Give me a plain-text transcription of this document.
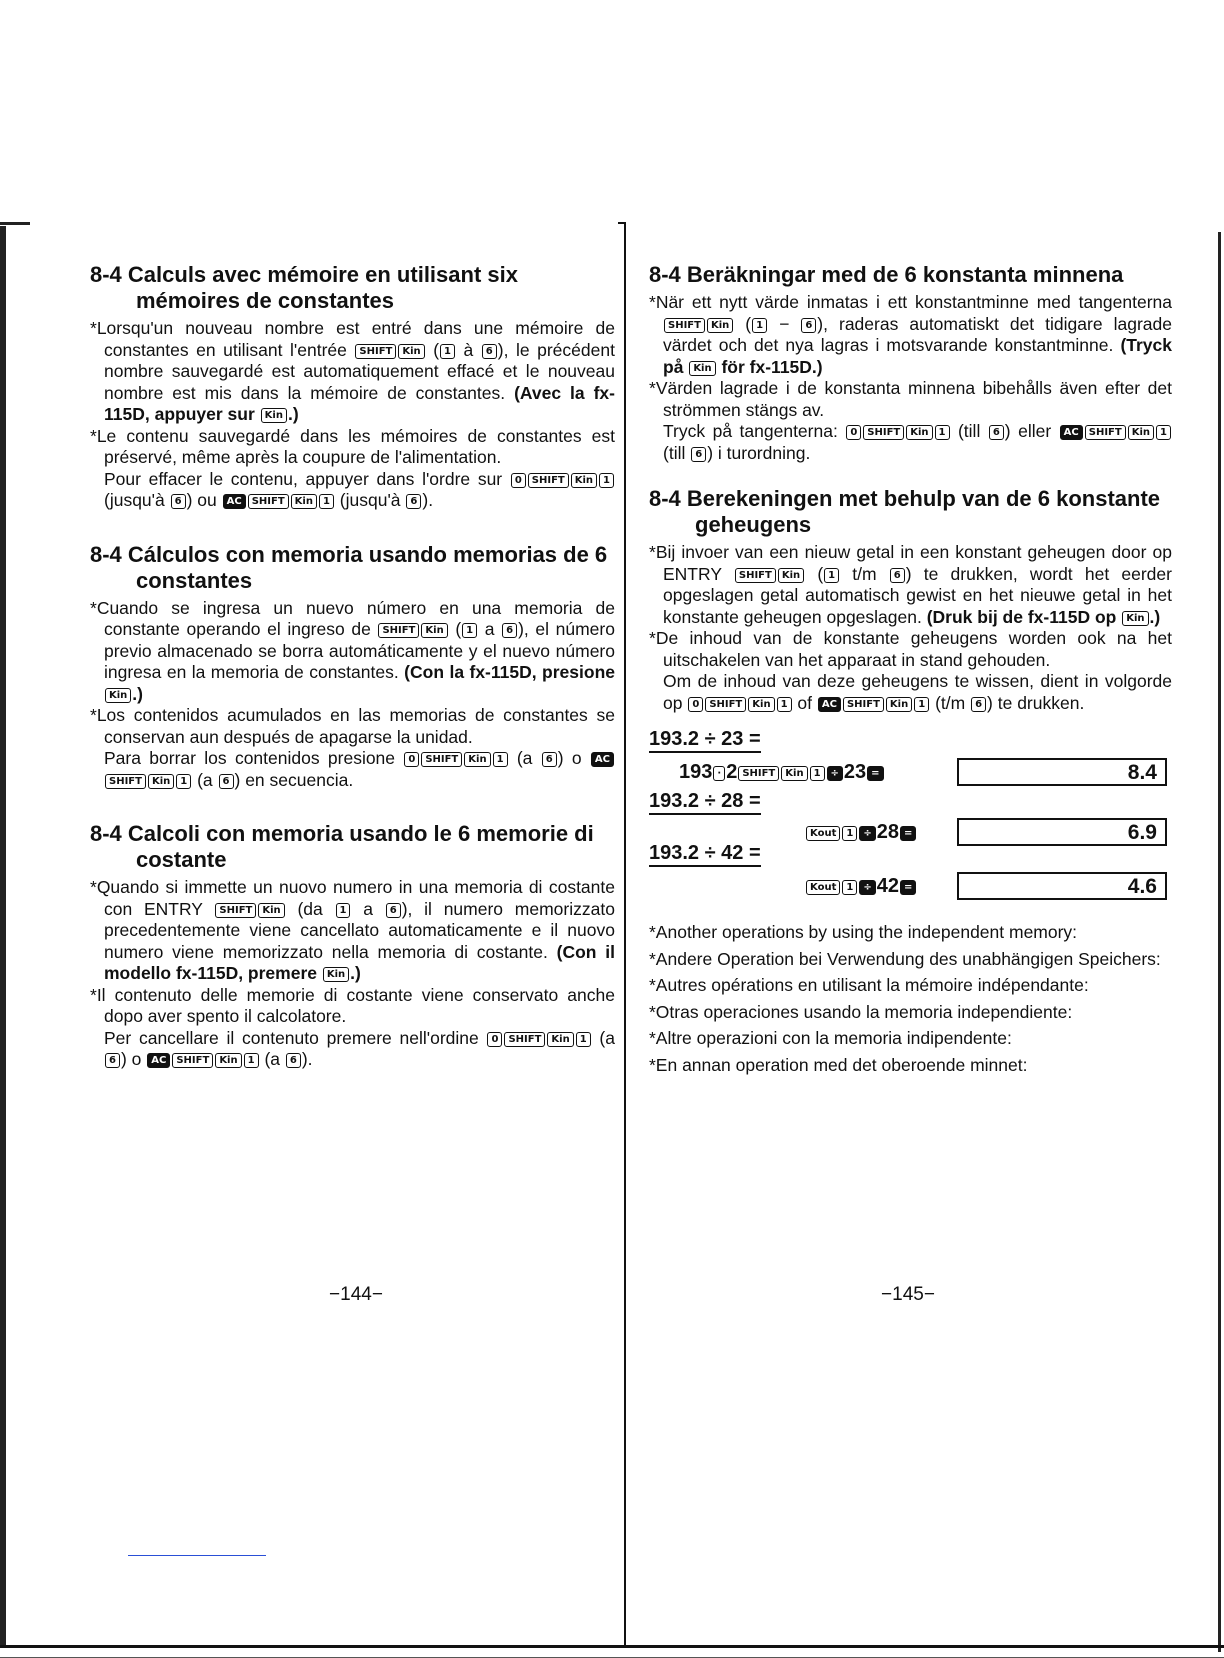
8-4 Calculs avec mémoire en utilisant six mémoires de constantes

*Lorsqu'un nouveau nombre est entré dans une mémoire de constantes en utilisant l'entrée SHIFT Kin ( 1 à 6 ), le précédent nombre sauvegardé est automatiquement effacé et le nouveau nombre est mis dans la mémoire de constantes. (Avec la fx-115D, appuyer sur Kin .)

*Le contenu sauvegardé dans les mémoires de constantes est préservé, même après la coupure de l'alimentation.

Pour effacer le contenu, appuyer dans l'ordre sur 0 SHIFT Kin 1 (jusqu'à 6 ) ou AC SHIFT Kin 1 (jusqu'à 6 ).

8-4 Cálculos con memoria usando memorias de 6 constantes

*Cuando se ingresa un nuevo número en una memoria de constante operando el ingreso de SHIFT Kin ( 1 a 6 ), el número previo almacenado se borra automáticamente y el nuevo número ingresa en la memoria de constantes. (Con la fx-115D, presione Kin .)

*Los contenidos acumulados en las memorias de constantes se conservan aun después de apagarse la unidad.

Para borrar los contenidos presione 0 SHIFT Kin 1 (a 6 ) o ACSHIFT Kin 1 (a 6 ) en secuencia.

8-4 Calcoli con memoria usando le 6 memorie di costante

*Quando si immette un nuovo numero in una memoria di costante con ENTRY SHIFT Kin (da 1 a 6 ), il numero memorizzato precedentemente viene cancellato automaticamente e il nuovo numero viene memorizzato nella memoria di costante. (Con il modello fx-115D, premere Kin .)

*Il contenuto delle memorie di costante viene conservato anche dopo aver spento il calcolatore.

Per cancellare il contenuto premere nell'ordine 0 SHIFT Kin 1 (a 6 ) o AC SHIFT Kin 1 (a 6 ).

−144−
8-4 Beräkningar med de 6 konstanta minnena

*När ett nytt värde inmatas i ett konstantminne med tangenterna SHIFT Kin ( 1 − 6 ), raderas automatiskt det tidigare lagrade värdet och det nya lagras i motsvarande konstantminne. (Tryck på Kin för fx-115D.)

*Värden lagrade i de konstanta minnena bibehålls även efter det strömmen stängs av.

Tryck på tangenterna: 0 SHIFT Kin 1 (till 6 ) eller AC SHIFT Kin 1 (till 6 ) i turordning.

8-4 Berekeningen met behulp van de 6 konstante geheugens

*Bij invoer van een nieuw getal in een konstant geheugen door op ENTRY SHIFT Kin ( 1 t/m 6 ) te drukken, wordt het eerder opgeslagen getal automatisch gewist en het nieuwe getal in het konstante geheugen opgeslagen. (Druk bij de fx-115D op Kin .)

*De inhoud van de konstante geheugens worden ook na het uitschakelen van het apparaat in stand gehouden.

Om de inhoud van deze geheugens te wissen, dient in volgorde op 0 SHIFT Kin 1 of AC SHIFT Kin 1 (t/m 6 ) te drukken.

193.2 ÷ 23 =
193 · 2 SHIFT Kin 1 ÷ 23 =	8.4
193.2 ÷ 28 =
Kout 1 ÷ 28 =	6.9
193.2 ÷ 42 =
Kout 1 ÷ 42 =	4.6

*Another operations by using the independent memory:

*Andere Operation bei Verwendung des unabhängigen Speichers:

*Autres opérations en utilisant la mémoire indépendante:

*Otras operaciones usando la memoria independiente:

*Altre operazioni con la memoria indipendente:

*En annan operation med det oberoende minnet:

−145−
